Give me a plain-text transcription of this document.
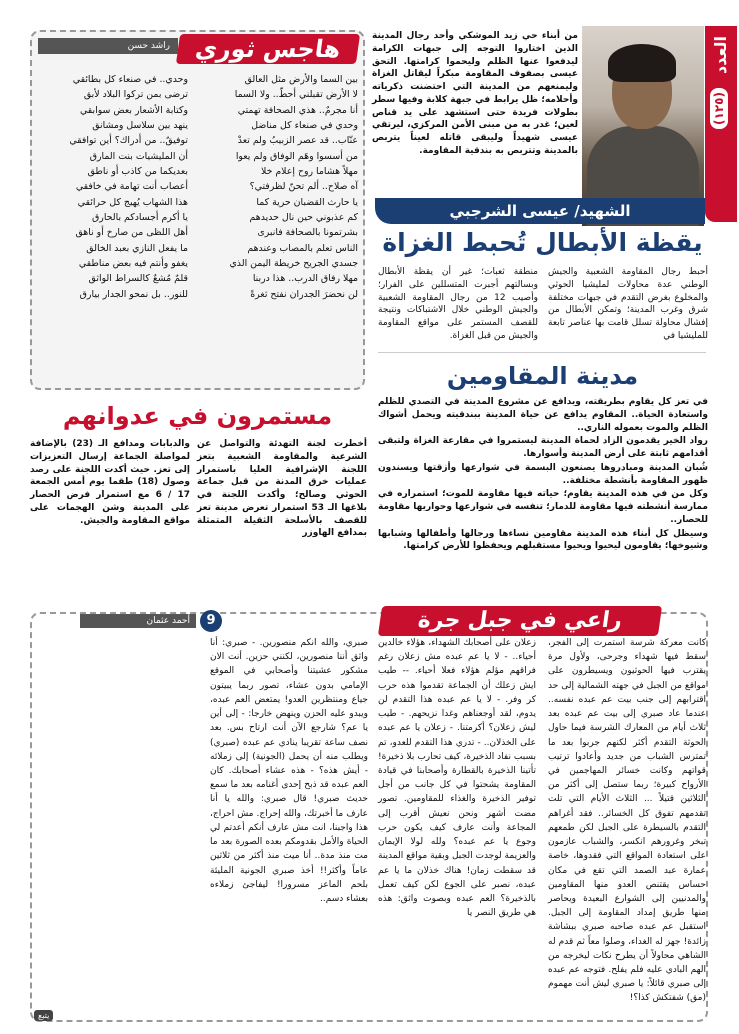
العدد
(١٢٥)
من أبناء حي زيد الموشكي وأحد رجال المدينة الذين اختاروا التوجه إلى جبهات الكرامة ليدفعوا عنها الظلم وليحموا كرامتها. التحق عيسى بصفوف المقاومة مبكراً ليقاتل الغزاة وليمنعهم من المدينة التي احتضنت ذكرياته وأحلامه؛ ظل يرابط في جبهة كلابة وفيها سطر بطولات فريدة حتى استشهد على يد قناص لعين؛ غدر به من مبنى الأمن المركزي، ليرتقي عيسى شهيداً وليبقى قاتله لعيناً يتربص بالمدينة وتتربص به بندقية المقاومة.
الشهيد/ عيسى الشرجبي
يقظة الأبطال تُحبط الغزاة

أحبط رجال المقاومة الشعبية والجيش الوطني عدة محاولات لمليشيا الحوثي والمخلوع بغرض التقدم في جبهات مختلفة شرق وغرب المدينة؛ وتمكن الأبطال من إفشال محاولة تسلل قامت بها عناصر تابعة للمليشيا في

منطقة ثعبات؛ غير أن يقظة الأبطال وبسالتهم أجبرت المتسللين على الفرار؛ وأصيب 12 من رجال المقاومة الشعبية والجيش الوطني خلال الاشتباكات ونتيجة للقصف المستمر على مواقع المقاومة والجيش من قبل الغزاة.

مدينة المقاومين

في تعز كل يقاوم بطريقته، ويدافع عن مشروع المدينة في التصدي للظلم واستعادة الحياة.. المقاوم يدافع عن حياة المدينة ببندقيته ويحمل أشواك الظلم والموت بعموله الناري..

رواد الخير يقدمون الزاد لحماة المدينة ليستمروا في مقارعة الغزاة ولتبقى أقدامهم ثابتة على أرض المدينة وأسوارها.

شُبان المدينة ومبادروها يصنعون البسمة في شوارعها وأزقتها ويسندون ظهور المقاومة بأنشطة مختلفة..

وكل من في هذه المدينة يقاوم؛ حياته فيها مقاومة للموت؛ استمراره في ممارسة أنشطته فيها مقاومة للدمار؛ تنفسه في شوارعها وحواريها مقاومة للحصار..

وسيظل كل أبناء هذه المدينة مقاومين نساءها ورجالها وأطفالها وشبابها وشيوخها؛ يقاومون ليحيوا ويحيوا مستقبلهم ويحفظوا للأرض كرامتها.

هاجس ثوري
راشد حسن
بين السما والأرض مثل العالق
لا الأرض تقبلني أحطّ.. ولا السما
أنا مجرمٌ.. هذي الصحافة تهمتي
وحدي في صنعاء كل مناضل
عنّاب.. قد عصر الزبيبُ ولم تعدْ
من أسسوا وهَم الوفاق ولم يعوا
مهلاً هشاما روح إعلام خلا
آه صلاح.. ألم تحنّ لظرفتي؟
يا حارث القضبان حرية كما
كم عذبوني حين نال حديدهم
بشرتمونا بالصحافة فانبرى
الناس تعلم بالمصاب وعندهم
جسدي الجريح خريطة اليمن الذي
مهلا رفاق الدرب.. هذا دربنا
لن نحضرَ الجدران نفتح ثغرةً
وحدي.. في صنعاء كل بطائقي
ترضى بمن تركوا البلاد لأبق
وكتابة الأشعار بعض سوابقي
ينهد بين سلاسل ومشانق
توفيقٌ.. من أدراك؟ أين توافقي
أن المليشيات بنت المارق
بعديكما من كاذب أو ناطق
أعصاب أنت تهامة في خافقي
هذا الشهاب يُهيج كل حرائقي
يا أكرم أجسادكم بالحارق
أهل اللظى من صارخ أو ناهق
ما يفعل النازي بعبد الخالق
يغفو وأنتم فيه بعض مناطقي
قلمٌ مُشعٌ كالسراط الواثق
للنور.. بل نمحو الجدار بيارق
مستمرون في عدوانهم

أخطرت لجنة التهدئة والتواصل عن الشرعية والمقاومة الشعبية بتعز اللجنة الإشرافية العليا باستمرار عمليات خرق المدنة من قبل جماعة الحوثي وصالح؛ وأكدت اللجنة في بلاغها الـ 53 استمرار تعرض مدينة تعز للقصف بالأسلحة الثقيلة المتمثلة بمدافع الهاوزر

والدبابات ومدافع الـ (23) بالإضافة لمواصلة الجماعة إرسال التعزيزات إلى تعز. حيث أكدت اللجنة على رصد وصول (18) طقما يوم أمس الجمعة 17 / 6 مع استمرار فرض الحصار على المدينة وشن الهجمات على مواقع المقاومة والجيش.

راعي في جبل جرة
9
أحمد عثمان

كانت معركة شرسة استمرت إلى الفجر، سقط فيها شهداء وجرحى، ولأول مرة يقترب فيها الحوثيون ويسيطرون على مواقع من الجبل في جهته الشمالية إلى حد اقترابهم إلى جنب بيت عم عبده نفسه.. عندما عاد صبري إلى بيت عم عبده بعد ثلاث أيام من المعارك الشرسة فيما حاول الحوثة التقدم أكثر لكنهم جربوا بعد ما تمترس الشباب من جديد وأعادوا ترتيب قواتهم وكانت خسائر المهاجمين في الأرواح كبيرة؛ ربما ستصل إلى أكثر من الثلاثين قتيلاً ... الثلاث الأيام التي تلت تقدمهم تفوق كل الخسائر.. فقد أغراهم التقدم بالسيطرة على الجبل لكن طمعهم تبخر وغرورهم انكسر، والشباب عازمون على استعادة المواقع التي فقدوها، خاصة عمارة عبد الصمد التي تقع في مكان حساس يقتنص العدو منها المقاومين والمدنيين إلى الشوارع البعيدة ويحاصر منها طريق إمداد المقاومة إلى الجبل. استقبل عم عبده صاحبه صبري ببشاشة زائدة! جهز له الغداء، وصلوا معاً ثم قدم له الشاهي محاولاً أن يطرح نكات ليخرجه من الهم البادي عليه فلم يفلح. فتوجه عم عبده إلى صبري قائلاً: يا صبري ليش أنت مهموم (مق) شفتكش كذا؟!

زعلان على أصحابك الشهداء، هؤلاء خالدين أحياء.. - لا يا عم عبده مش زعلان رغم فراقهم مؤلم هؤلاء فعلا أحياء. -- طيب ايش زعلك أن الجماعة تقدموا هذه حرب كر وفر. - لا يا عم عبده هذا التقدم لن يدوم، لقد أوجعناهم وغدا نزيحهم. - طيب ليش زعلان؟ أكرمتنا. - زعلان يا عم عبده على الخذلان.. - تدري هذا التقدم للعدو، تم بسبب نفاد الذخيرة، كيف تحارب بلا ذخيرة! تأتينا الذخيرة بالقطارة وأصحابنا في قيادة المقاومة يشحتوا في كل جانب من أجل توفير الذخيرة والغذاء للمقاومين. تصور مضت أشهر ونحن نعيش أقرب إلى المجاعة وأنت عارف كيف يكون حرب وجوع يا عم عبده؟ ولله لولا الإيمان والعزيمة لوجدت الجبل وبقية مواقع المدينة قد سقطت زمان! هناك خذلان ما يا عم عبده، نصبر على الجوع لكن كيف تعمل بالذخيرة؟ العم عبده وبصوت واثق: هذه هي طريق النصر يا

صبري، والله انكم منصورين. - صبري: أنا واثق أننا منصورين، لكنني حزين. أنت الان مشكور عشيتنا وأصحابي في الموقع الإمامي بدون عشاء، تصور ربما يبيتون جياع ومنتظرين العدو! يمتعض العم عبده، ويبدو عليه الحزن وينهض خارجا: - إلى أين يا عم؟ شارجع الآن أنت ارتاح بس. بعد نصف ساعة تقريبا ينادي عم عبده (صبري) ويطلب منه أن يحمل (الجونية) إلى زملائه - أيش هذه؟ - هذه عشاء أصحابك. كان العم عبده قد ذبح إحدى أغنامه بعد ما سمع حديث صبري! قال صبري: والله يا أنا عارف ما أخبرتك، والله إحراج. مش احراج، هذا واجبنا، انت مش عارف أنكم أعدتم لي الحياة والأمل بقدومكم بعده الصورة بعد ما مت منذ مدة.. أنا ميت منذ أكثر من ثلاثين عاماً وأكثر!! أخذ صبري الجونية المليئة بلحم الماعز مسرورا! ليفاجئ زملاءه بعشاء دسم..

يتبع
